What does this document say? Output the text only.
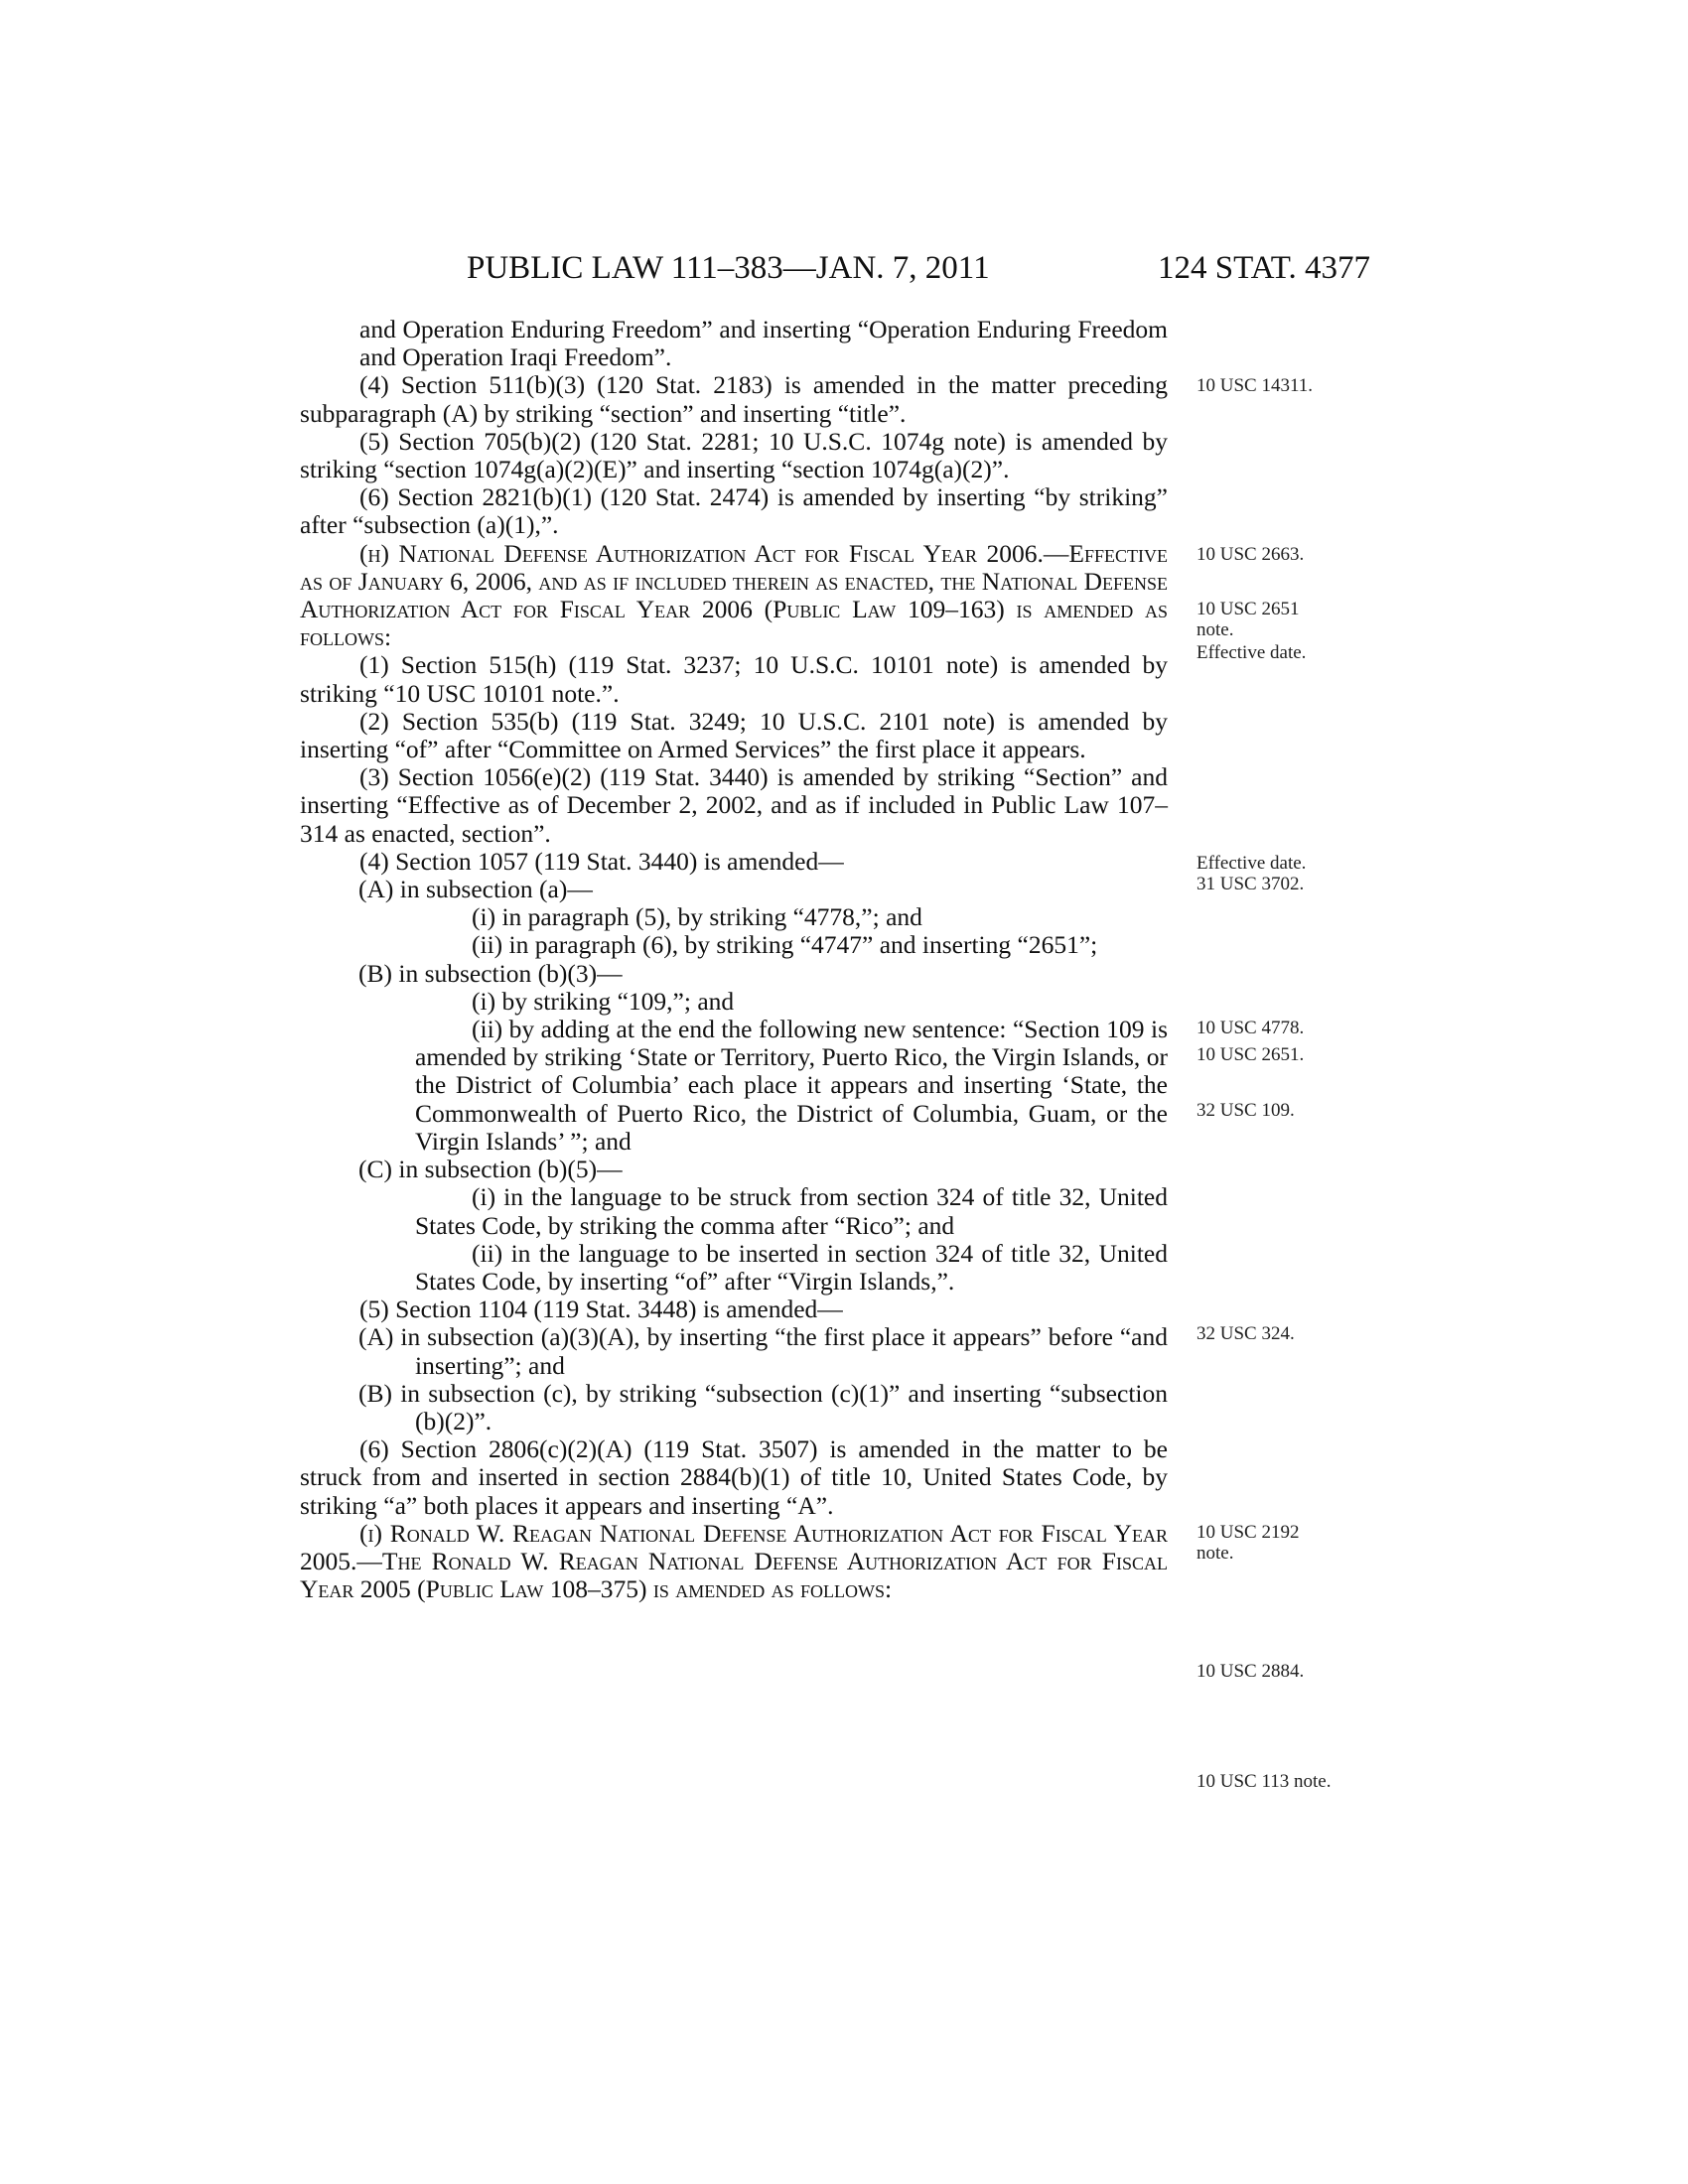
PUBLIC LAW 111–383—JAN. 7, 2011	124 STAT. 4377

and Operation Enduring Freedom” and inserting “Operation Enduring Freedom and Operation Iraqi Freedom”.

(4) Section 511(b)(3) (120 Stat. 2183) is amended in the matter preceding subparagraph (A) by striking “section” and inserting “title”.

(5) Section 705(b)(2) (120 Stat. 2281; 10 U.S.C. 1074g note) is amended by striking “section 1074g(a)(2)(E)” and inserting “section 1074g(a)(2)”.

(6) Section 2821(b)(1) (120 Stat. 2474) is amended by inserting “by striking” after “subsection (a)(1),”.

(h) National Defense Authorization Act for Fiscal Year 2006.—Effective as of January 6, 2006, and as if included therein as enacted, the National Defense Authorization Act for Fiscal Year 2006 (Public Law 109–163) is amended as follows:

(1) Section 515(h) (119 Stat. 3237; 10 U.S.C. 10101 note) is amended by striking “10 USC 10101 note.”.

(2) Section 535(b) (119 Stat. 3249; 10 U.S.C. 2101 note) is amended by inserting “of” after “Committee on Armed Services” the first place it appears.

(3) Section 1056(e)(2) (119 Stat. 3440) is amended by striking “Section” and inserting “Effective as of December 2, 2002, and as if included in Public Law 107–314 as enacted, section”.

(4) Section 1057 (119 Stat. 3440) is amended—

(A) in subsection (a)—

(i) in paragraph (5), by striking “4778,”; and

(ii) in paragraph (6), by striking “4747” and inserting “2651”;

(B) in subsection (b)(3)—

(i) by striking “109,”; and

(ii) by adding at the end the following new sentence: “Section 109 is amended by striking ‘State or Territory, Puerto Rico, the Virgin Islands, or the District of Columbia’ each place it appears and inserting ‘State, the Commonwealth of Puerto Rico, the District of Columbia, Guam, or the Virgin Islands’ ”; and

(C) in subsection (b)(5)—

(i) in the language to be struck from section 324 of title 32, United States Code, by striking the comma after “Rico”; and

(ii) in the language to be inserted in section 324 of title 32, United States Code, by inserting “of” after “Virgin Islands,”.

(5) Section 1104 (119 Stat. 3448) is amended—

(A) in subsection (a)(3)(A), by inserting “the first place it appears” before “and inserting”; and

(B) in subsection (c), by striking “subsection (c)(1)” and inserting “subsection (b)(2)”.

(6) Section 2806(c)(2)(A) (119 Stat. 3507) is amended in the matter to be struck from and inserted in section 2884(b)(1) of title 10, United States Code, by striking “a” both places it appears and inserting “A”.

(i) Ronald W. Reagan National Defense Authorization Act for Fiscal Year 2005.—The Ronald W. Reagan National Defense Authorization Act for Fiscal Year 2005 (Public Law 108–375) is amended as follows:

10 USC 14311.
10 USC 2663.
10 USC 2651 note.
Effective date.
Effective date.
31 USC 3702.
10 USC 4778.
10 USC 2651.
32 USC 109.
32 USC 324.
10 USC 2192 note.
10 USC 2884.
10 USC 113 note.
